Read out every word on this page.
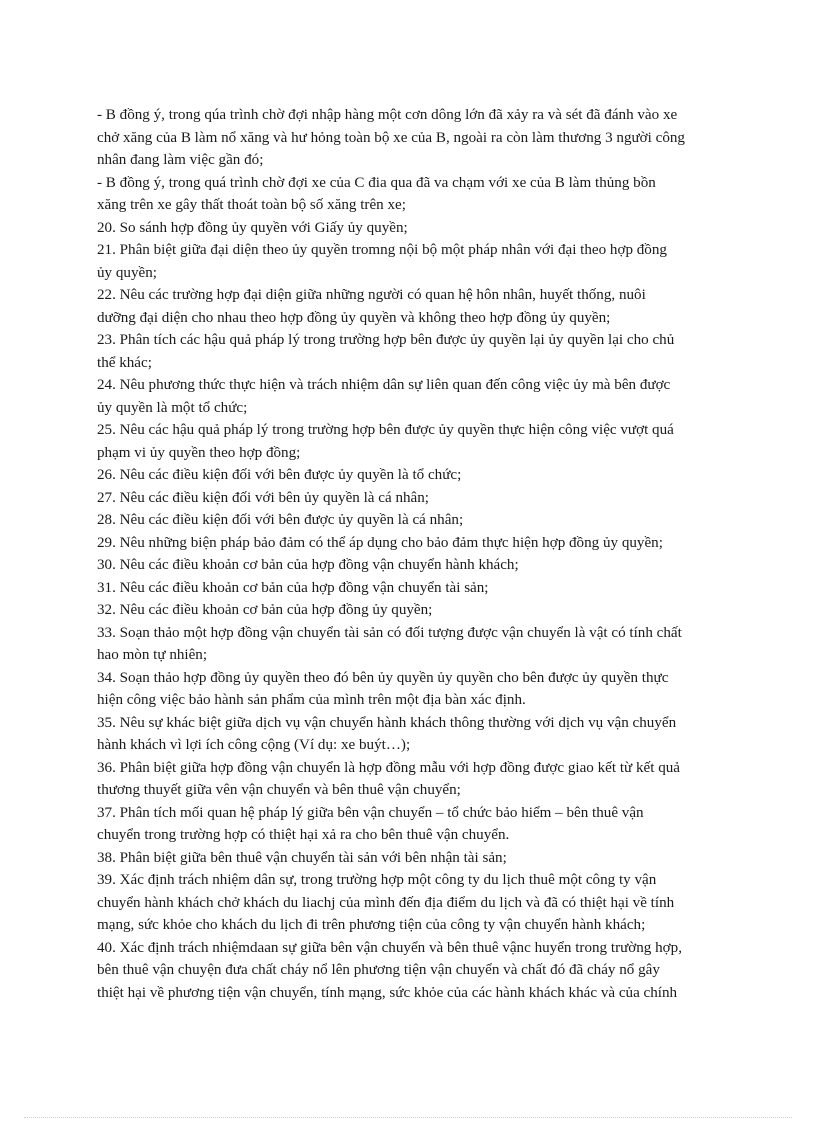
- B đồng ý, trong qúa trình chờ đợi nhập hàng một cơn dông lớn đã xảy ra và sét đã đánh vào xe
chở xăng của B làm nổ xăng và hư hỏng toàn bộ xe của B, ngoài ra còn làm thương 3 người công
nhân đang làm việc gần đó;
- B đồng ý, trong quá trình chờ đợi xe của C đia qua đã va chạm với xe của B làm thủng bồn
xăng trên xe gây thất thoát toàn bộ số xăng trên xe;
20. So sánh hợp đồng ủy quyền với Giấy ủy quyền;
21. Phân biệt giữa đại diện theo ủy quyền tromng nội bộ một pháp nhân với đại theo hợp đồng
ủy quyền;
22. Nêu các trường hợp đại diện giữa những người có quan hệ hôn nhân, huyết thống, nuôi
dưỡng đại diện cho nhau theo hợp đồng ủy quyền và không theo hợp đồng ủy quyền;
23. Phân tích các hậu quả pháp lý trong trường hợp bên được ủy quyền lại ủy quyền lại cho chủ
thể khác;
24. Nêu phương thức thực hiện và trách nhiệm dân sự liên quan đến công việc ủy mà bên được
ủy quyền là một tổ chức;
25. Nêu các hậu quả pháp lý trong trường hợp bên được ủy quyền thực hiện công việc vượt quá
phạm vi ủy quyền theo hợp đồng;
26. Nêu các điều kiện đối với bên được ủy quyền là tổ chức;
27. Nêu các điều kiện đối với bên ủy quyền là cá nhân;
28. Nêu các điều kiện đối với bên được ủy quyền là cá nhân;
29. Nêu những biện pháp bảo đảm có thể áp dụng cho bảo đảm thực hiện hợp đồng ủy quyền;
30. Nêu các điều khoản cơ bản của hợp đồng vận chuyển hành khách;
31. Nêu các điều khoản cơ bản của hợp đồng vận chuyển tài sản;
32. Nêu các điều khoản cơ bản của hợp đồng ủy quyền;
33. Soạn thảo một hợp đồng vận chuyển tài sản có đối tượng được vận chuyển là vật có tính chất
hao mòn tự nhiên;
34. Soạn thảo hợp đồng ủy quyền theo đó bên ủy quyền ủy quyền cho bên được ủy quyền thực
hiện công việc bảo hành sản phẩm của mình trên một địa bàn xác định.
35. Nêu sự khác biệt giữa dịch vụ vận chuyển hành khách thông thường với dịch vụ vận chuyển
hành khách vì lợi ích công cộng (Ví dụ: xe buýt…);
36. Phân biệt giữa hợp đồng vận chuyển là hợp đồng mẫu với hợp đồng được giao kết từ kết quả
thương thuyết giữa vên vận chuyển và bên thuê vận chuyển;
37. Phân tích mối quan hệ pháp lý giữa bên vận chuyển – tổ chức bảo hiểm – bên thuê vận
chuyển trong trường hợp có thiệt hại xả ra cho bên thuê vận chuyển.
38. Phân biệt giữa bên thuê vận chuyển tài sản với bên nhận tài sản;
39. Xác định trách nhiệm dân sự, trong trường hợp một công ty du lịch thuê một công ty vận
chuyển hành khách chở khách du liachj của mình đến địa điểm du lịch và đã có thiệt hại về tính
mạng, sức khỏe cho khách du lịch đi trên phương tiện của công ty vận chuyển hành khách;
40. Xác định trách nhiệmdaan sự giữa bên vận chuyển và bên thuê vậnc huyển trong trường hợp,
bên thuê vận chuyện đưa chất cháy nổ lên phương tiện vận chuyển và chất đó đã cháy nổ gây
thiệt hại về phương tiện vận chuyển, tính mạng, sức khỏe của các hành khách khác và của chính
